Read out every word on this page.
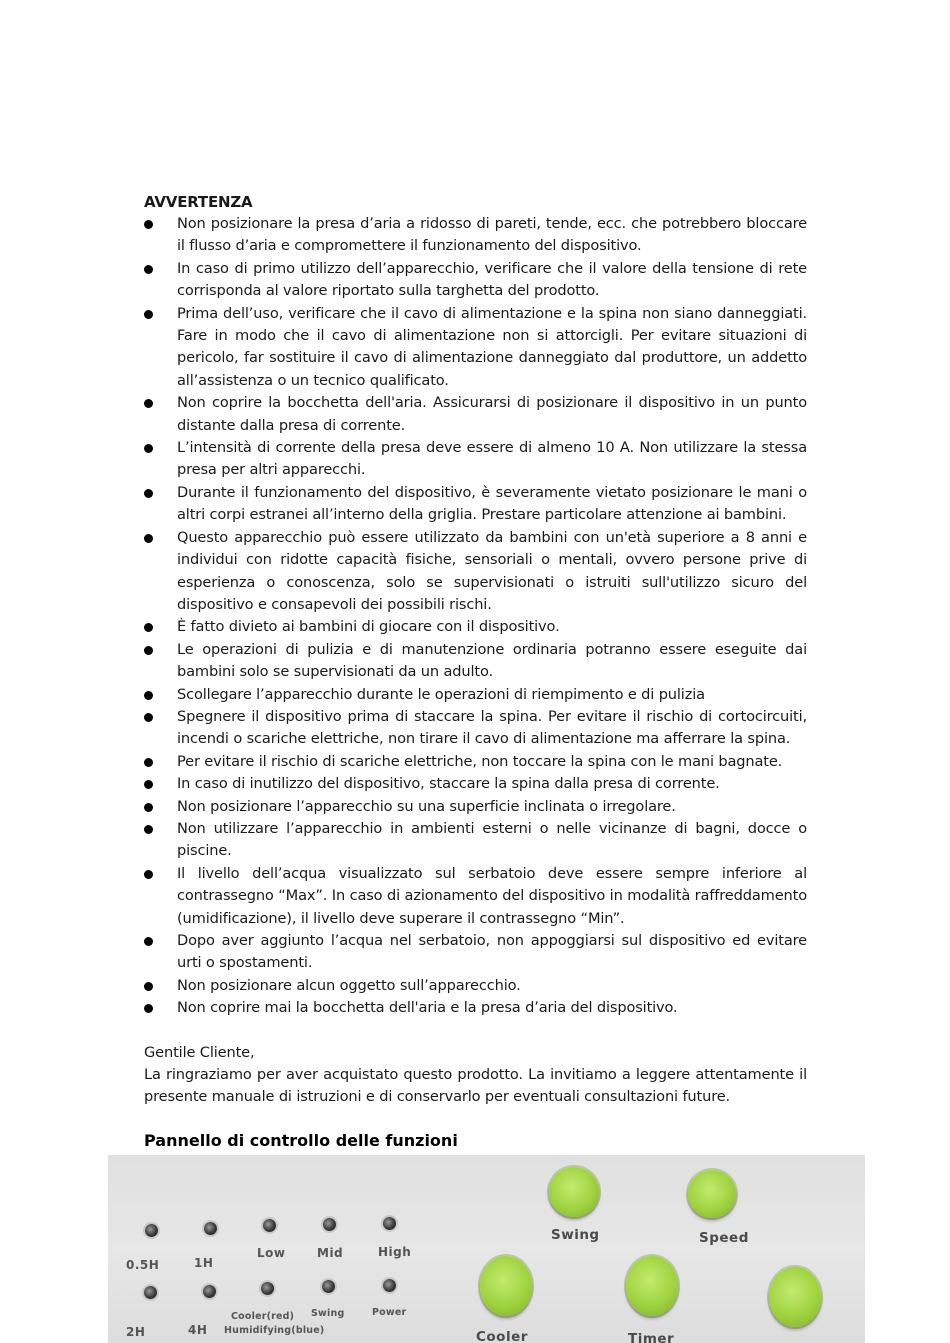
AVVERTENZA
Non posizionare la presa d’aria a ridosso di pareti, tende, ecc. che potrebbero bloccare il flusso d’aria e compromettere il funzionamento del dispositivo.
In caso di primo utilizzo dell’apparecchio, verificare che il valore della tensione di rete corrisponda al valore riportato sulla targhetta del prodotto.
Prima dell’uso, verificare che il cavo di alimentazione e la spina non siano danneggiati. Fare in modo che il cavo di alimentazione non si attorcigli. Per evitare situazioni di pericolo, far sostituire il cavo di alimentazione danneggiato dal produttore, un addetto all’assistenza o un tecnico qualificato.
Non coprire la bocchetta dell'aria. Assicurarsi di posizionare il dispositivo in un punto distante dalla presa di corrente.
L’intensità di corrente della presa deve essere di almeno 10 A. Non utilizzare la stessa presa per altri apparecchi.
Durante il funzionamento del dispositivo, è severamente vietato posizionare le mani o altri corpi estranei all’interno della griglia. Prestare particolare attenzione ai bambini.
Questo apparecchio può essere utilizzato da bambini con un'età superiore a 8 anni e individui con ridotte capacità fisiche, sensoriali o mentali, ovvero persone prive di esperienza o conoscenza, solo se supervisionati o istruiti sull'utilizzo sicuro del dispositivo e consapevoli dei possibili rischi.
È fatto divieto ai bambini di giocare con il dispositivo.
Le operazioni di pulizia e di manutenzione ordinaria potranno essere eseguite dai bambini solo se supervisionati da un adulto.
Scollegare l’apparecchio durante le operazioni di riempimento e di pulizia
Spegnere il dispositivo prima di staccare la spina. Per evitare il rischio di cortocircuiti, incendi o scariche elettriche, non tirare il cavo di alimentazione ma afferrare la spina.
Per evitare il rischio di scariche elettriche, non toccare la spina con le mani bagnate.
In caso di inutilizzo del dispositivo, staccare la spina dalla presa di corrente.
Non posizionare l’apparecchio su una superficie inclinata o irregolare.
Non utilizzare l’apparecchio in ambienti esterni o nelle vicinanze di bagni, docce o piscine.
Il livello dell’acqua visualizzato sul serbatoio deve essere sempre inferiore al contrassegno “Max”. In caso di azionamento del dispositivo in modalità raffreddamento (umidificazione), il livello deve superare il contrassegno “Min”.
Dopo aver aggiunto l’acqua nel serbatoio, non appoggiarsi sul dispositivo ed evitare urti o spostamenti.
Non posizionare alcun oggetto sull’apparecchio.
Non coprire mai la bocchetta dell'aria e la presa d’aria del dispositivo.

Gentile Cliente,

La ringraziamo per aver acquistato questo prodotto. La invitiamo a leggere attentamente il presente manuale di istruzioni e di conservarlo per eventuali consultazioni future.

Pannello di controllo delle funzioni
0.5H	1H
Low	Mid	High
2H	4H
Cooler(red)
Humidifying(blue)
Swing	Power
Swing	Speed
Cooler	Timer
